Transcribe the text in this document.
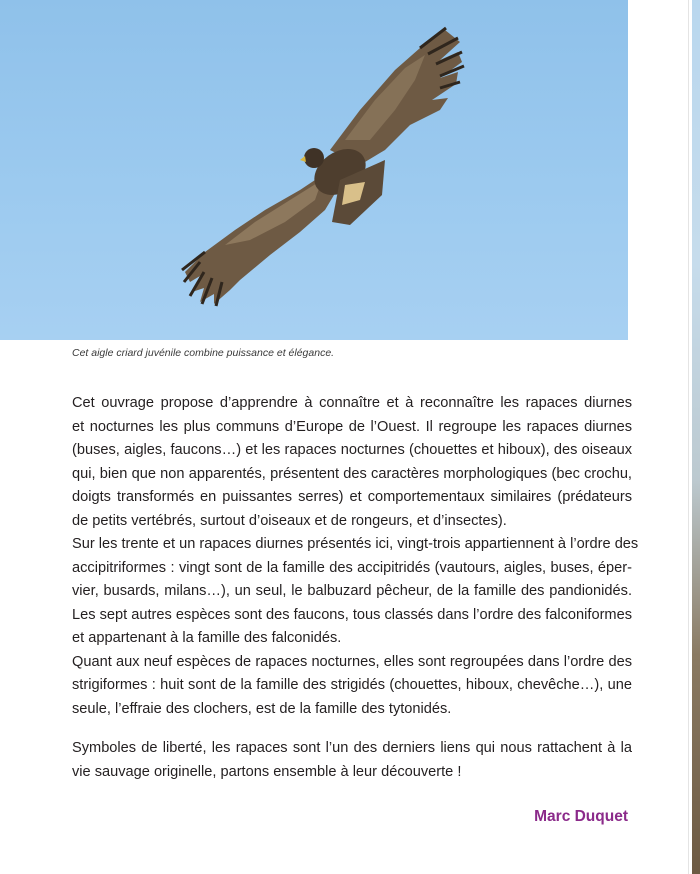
Cet aigle criard juvénile combine puissance et élégance.
Cet ouvrage propose d’apprendre à connaître et à reconnaître les rapaces diurnes
et nocturnes les plus communs d’Europe de l’Ouest. Il regroupe les rapaces diurnes
(buses, aigles, faucons…) et les rapaces nocturnes (chouettes et hiboux), des oiseaux
qui, bien que non apparentés, présentent des caractères morphologiques (bec crochu,
doigts transformés en puissantes serres) et comportementaux similaires (prédateurs
de petits vertébrés, surtout d’oiseaux et de rongeurs, et d’insectes).
Sur les trente et un rapaces diurnes présentés ici, vingt-trois appartiennent à l’ordre des
accipitriformes : vingt sont de la famille des accipitridés (vautours, aigles, buses, éper-
vier, busards, milans…), un seul, le balbuzard pêcheur, de la famille des pandionidés.
Les sept autres espèces sont des faucons, tous classés dans l’ordre des falconiformes
et appartenant à la famille des falconidés.
Quant aux neuf espèces de rapaces nocturnes, elles sont regroupées dans l’ordre des
strigiformes : huit sont de la famille des strigidés (chouettes, hiboux, chevêche…), une
seule, l’effraie des clochers, est de la famille des tytonidés.
Symboles de liberté, les rapaces sont l’un des derniers liens qui nous rattachent à la
vie sauvage originelle, partons ensemble à leur découverte !
Marc Duquet
